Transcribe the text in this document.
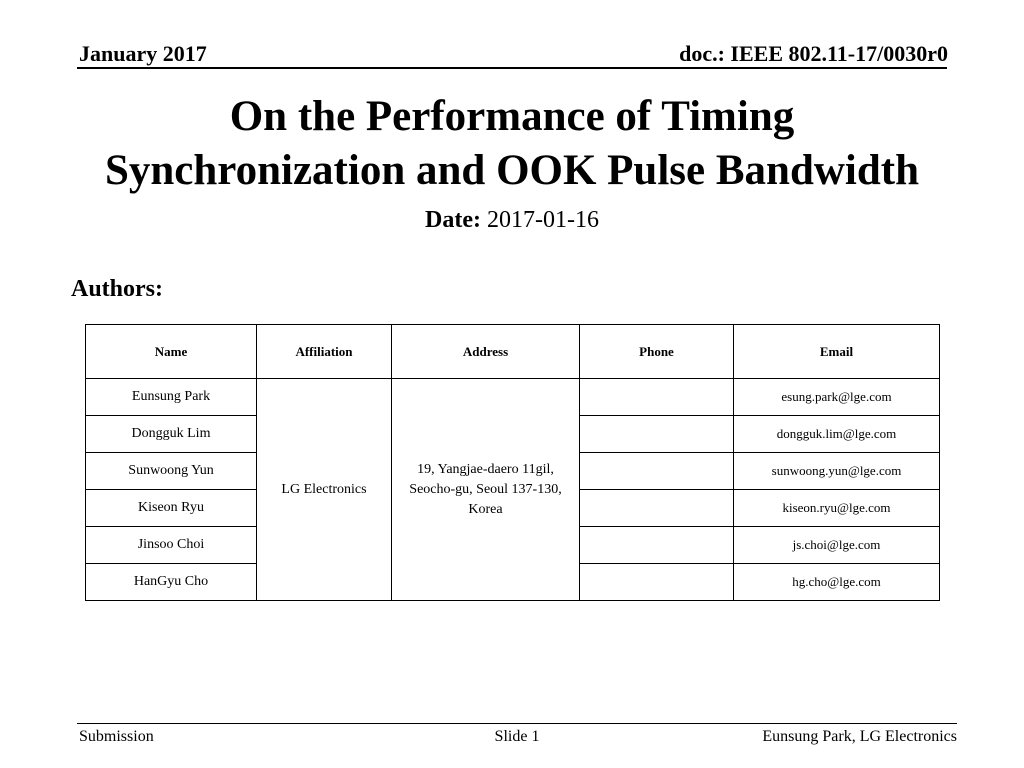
January 2017	doc.: IEEE 802.11-17/0030r0
On the Performance of Timing
Synchronization and OOK Pulse Bandwidth
Date: 2017-01-16
Authors:
Name	Affiliation	Address	Phone	Email
Eunsung Park	LG Electronics	19, Yangjae-daero 11gil, Seocho-gu, Seoul 137-130, Korea		esung.park@lge.com
Dongguk Lim				dongguk.lim@lge.com
Sunwoong Yun				sunwoong.yun@lge.com
Kiseon Ryu				kiseon.ryu@lge.com
Jinsoo Choi				js.choi@lge.com
HanGyu Cho				hg.cho@lge.com
Submission	Slide 1	Eunsung Park, LG Electronics
